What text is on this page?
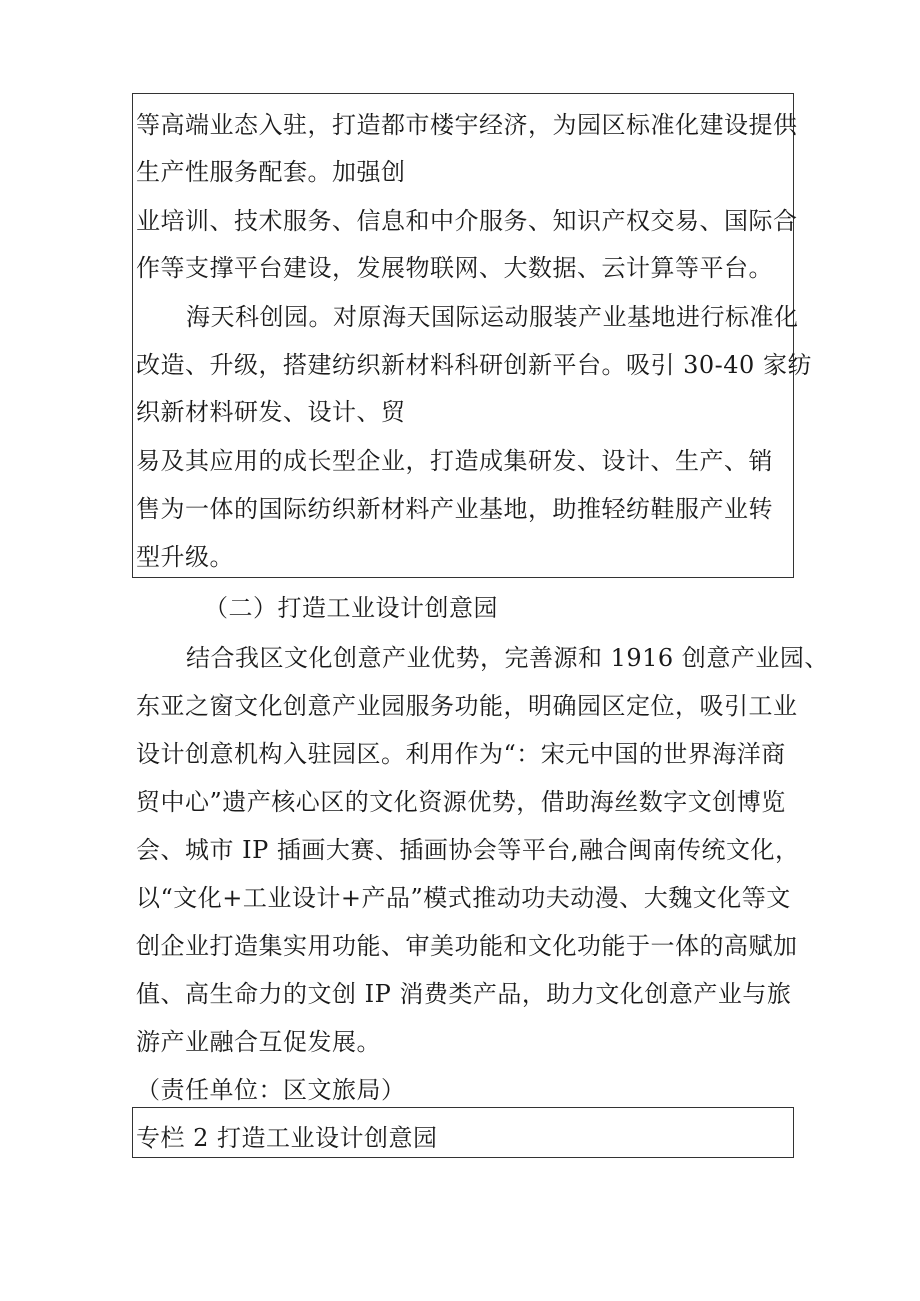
等高端业态入驻，打造都市楼宇经济，为园区标准化建设提供
生产性服务配套。加强创
业培训、技术服务、信息和中介服务、知识产权交易、国际合
作等支撑平台建设，发展物联网、大数据、云计算等平台。
海天科创园。对原海天国际运动服装产业基地进行标准化
改造、升级，搭建纺织新材料科研创新平台。吸引 30-40 家纺
织新材料研发、设计、贸
易及其应用的成长型企业，打造成集研发、设计、生产、销
售为一体的国际纺织新材料产业基地，助推轻纺鞋服产业转
型升级。
（二）打造工业设计创意园
结合我区文化创意产业优势，完善源和 1916 创意产业园、
东亚之窗文化创意产业园服务功能，明确园区定位，吸引工业
设计创意机构入驻园区。利用作为“：宋元中国的世界海洋商
贸中心”遗产核心区的文化资源优势，借助海丝数字文创博览
会、城市 IP 插画大赛、插画协会等平台,融合闽南传统文化，
以“文化+工业设计+产品”模式推动功夫动漫、大魏文化等文
创企业打造集实用功能、审美功能和文化功能于一体的高赋加
值、高生命力的文创 IP 消费类产品，助力文化创意产业与旅
游产业融合互促发展。
（责任单位：区文旅局）
专栏 2 打造工业设计创意园
